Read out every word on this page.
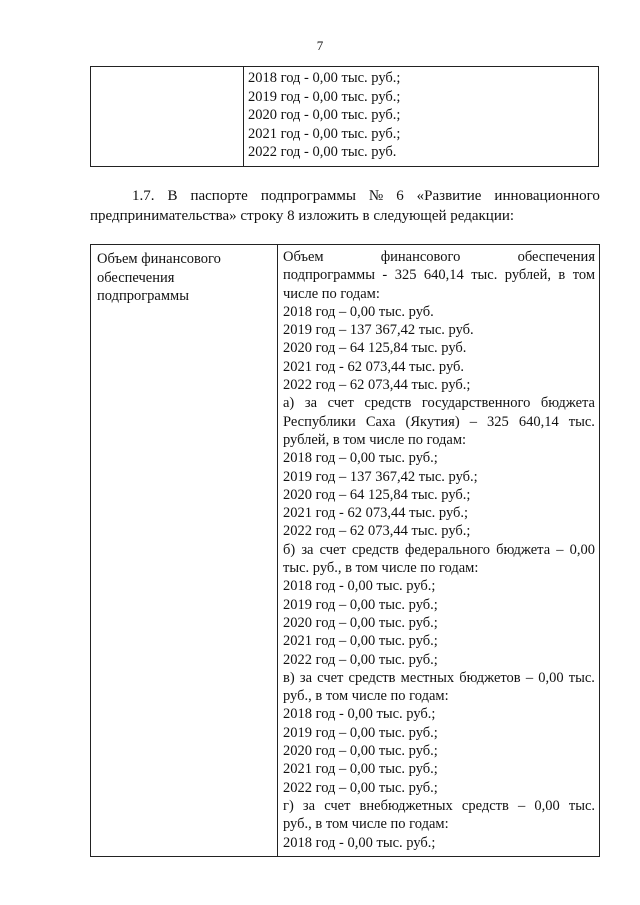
7

2018 год - 0,00 тыс. руб.;
2019 год - 0,00 тыс. руб.;
2020 год - 0,00 тыс. руб.;
2021 год - 0,00 тыс. руб.;
2022 год - 0,00 тыс. руб.
1.7. В паспорте подпрограммы № 6 «Развитие инновационного
предпринимательства» строку 8 изложить в следующей редакции:
Объем финансового
обеспечения
подпрограммы

Объем	финансового	обеспечения
подпрограммы - 325 640,14 тыс. рублей, в том
числе по годам:
2018 год – 0,00 тыс. руб.
2019 год – 137 367,42 тыс. руб.
2020 год – 64 125,84 тыс. руб.
2021 год - 62 073,44 тыс. руб.
2022 год – 62 073,44 тыс. руб.;
а) за счет средств государственного бюджета
Республики Саха (Якутия) – 325 640,14 тыс.
рублей, в том числе по годам:
2018 год – 0,00 тыс. руб.;
2019 год – 137 367,42 тыс. руб.;
2020 год – 64 125,84 тыс. руб.;
2021 год - 62 073,44 тыс. руб.;
2022 год – 62 073,44 тыс. руб.;
б) за счет средств федерального бюджета – 0,00
тыс. руб., в том числе по годам:
2018 год - 0,00 тыс. руб.;
2019 год – 0,00 тыс. руб.;
2020 год – 0,00 тыс. руб.;
2021 год – 0,00 тыс. руб.;
2022 год – 0,00 тыс. руб.;
в) за счет средств местных бюджетов – 0,00 тыс.
руб., в том числе по годам:
2018 год - 0,00 тыс. руб.;
2019 год – 0,00 тыс. руб.;
2020 год – 0,00 тыс. руб.;
2021 год – 0,00 тыс. руб.;
2022 год – 0,00 тыс. руб.;
г) за счет внебюджетных средств – 0,00 тыс.
руб., в том числе по годам:
2018 год - 0,00 тыс. руб.;
